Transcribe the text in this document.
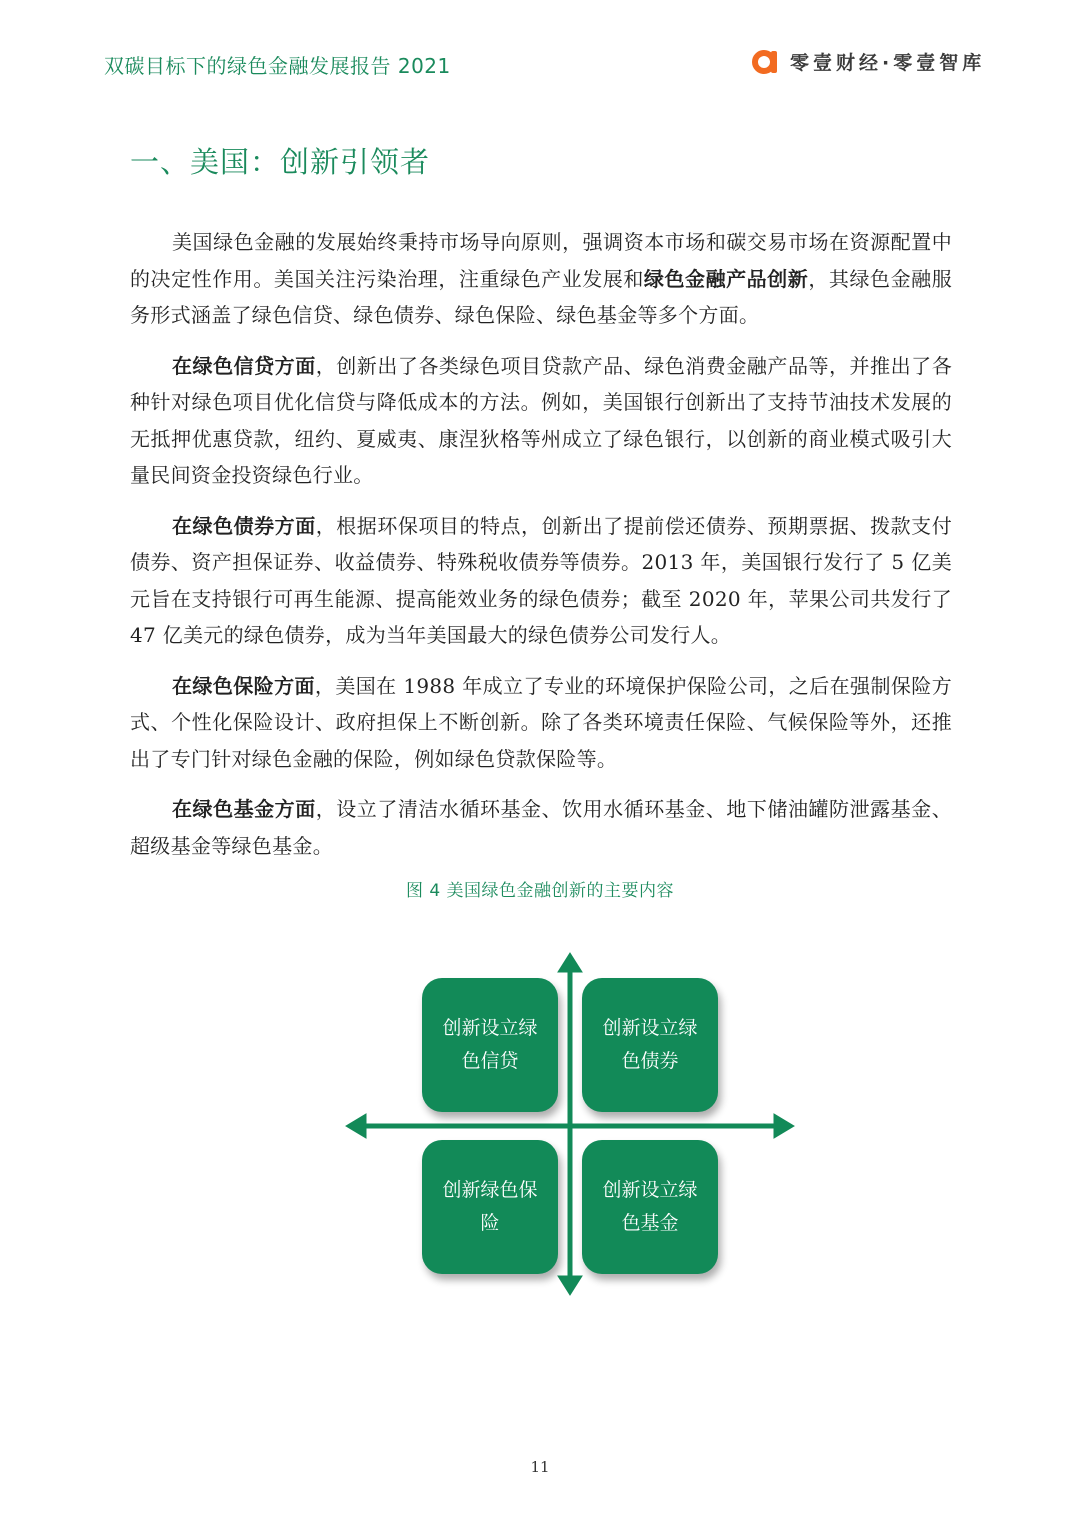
双碳目标下的绿色金融发展报告 2021	零壹财经·零壹智库
一、美国：创新引领者

美国绿色金融的发展始终秉持市场导向原则，强调资本市场和碳交易市场在资源配置中的决定性作用。美国关注污染治理，注重绿色产业发展和绿色金融产品创新，其绿色金融服务形式涵盖了绿色信贷、绿色债券、绿色保险、绿色基金等多个方面。

在绿色信贷方面，创新出了各类绿色项目贷款产品、绿色消费金融产品等，并推出了各种针对绿色项目优化信贷与降低成本的方法。例如，美国银行创新出了支持节油技术发展的无抵押优惠贷款，纽约、夏威夷、康涅狄格等州成立了绿色银行，以创新的商业模式吸引大量民间资金投资绿色行业。

在绿色债券方面，根据环保项目的特点，创新出了提前偿还债券、预期票据、拨款支付债券、资产担保证券、收益债券、特殊税收债券等债券。2013 年，美国银行发行了 5 亿美元旨在支持银行可再生能源、提高能效业务的绿色债券；截至 2020 年，苹果公司共发行了 47 亿美元的绿色债券，成为当年美国最大的绿色债券公司发行人。

在绿色保险方面，美国在 1988 年成立了专业的环境保护保险公司，之后在强制保险方式、个性化保险设计、政府担保上不断创新。除了各类环境责任保险、气候保险等外，还推出了专门针对绿色金融的保险，例如绿色贷款保险等。

在绿色基金方面，设立了清洁水循环基金、饮用水循环基金、地下储油罐防泄露基金、超级基金等绿色基金。

图 4 美国绿色金融创新的主要内容
创新设立绿色信贷
创新设立绿色债券
创新绿色保险
创新设立绿色基金
11
